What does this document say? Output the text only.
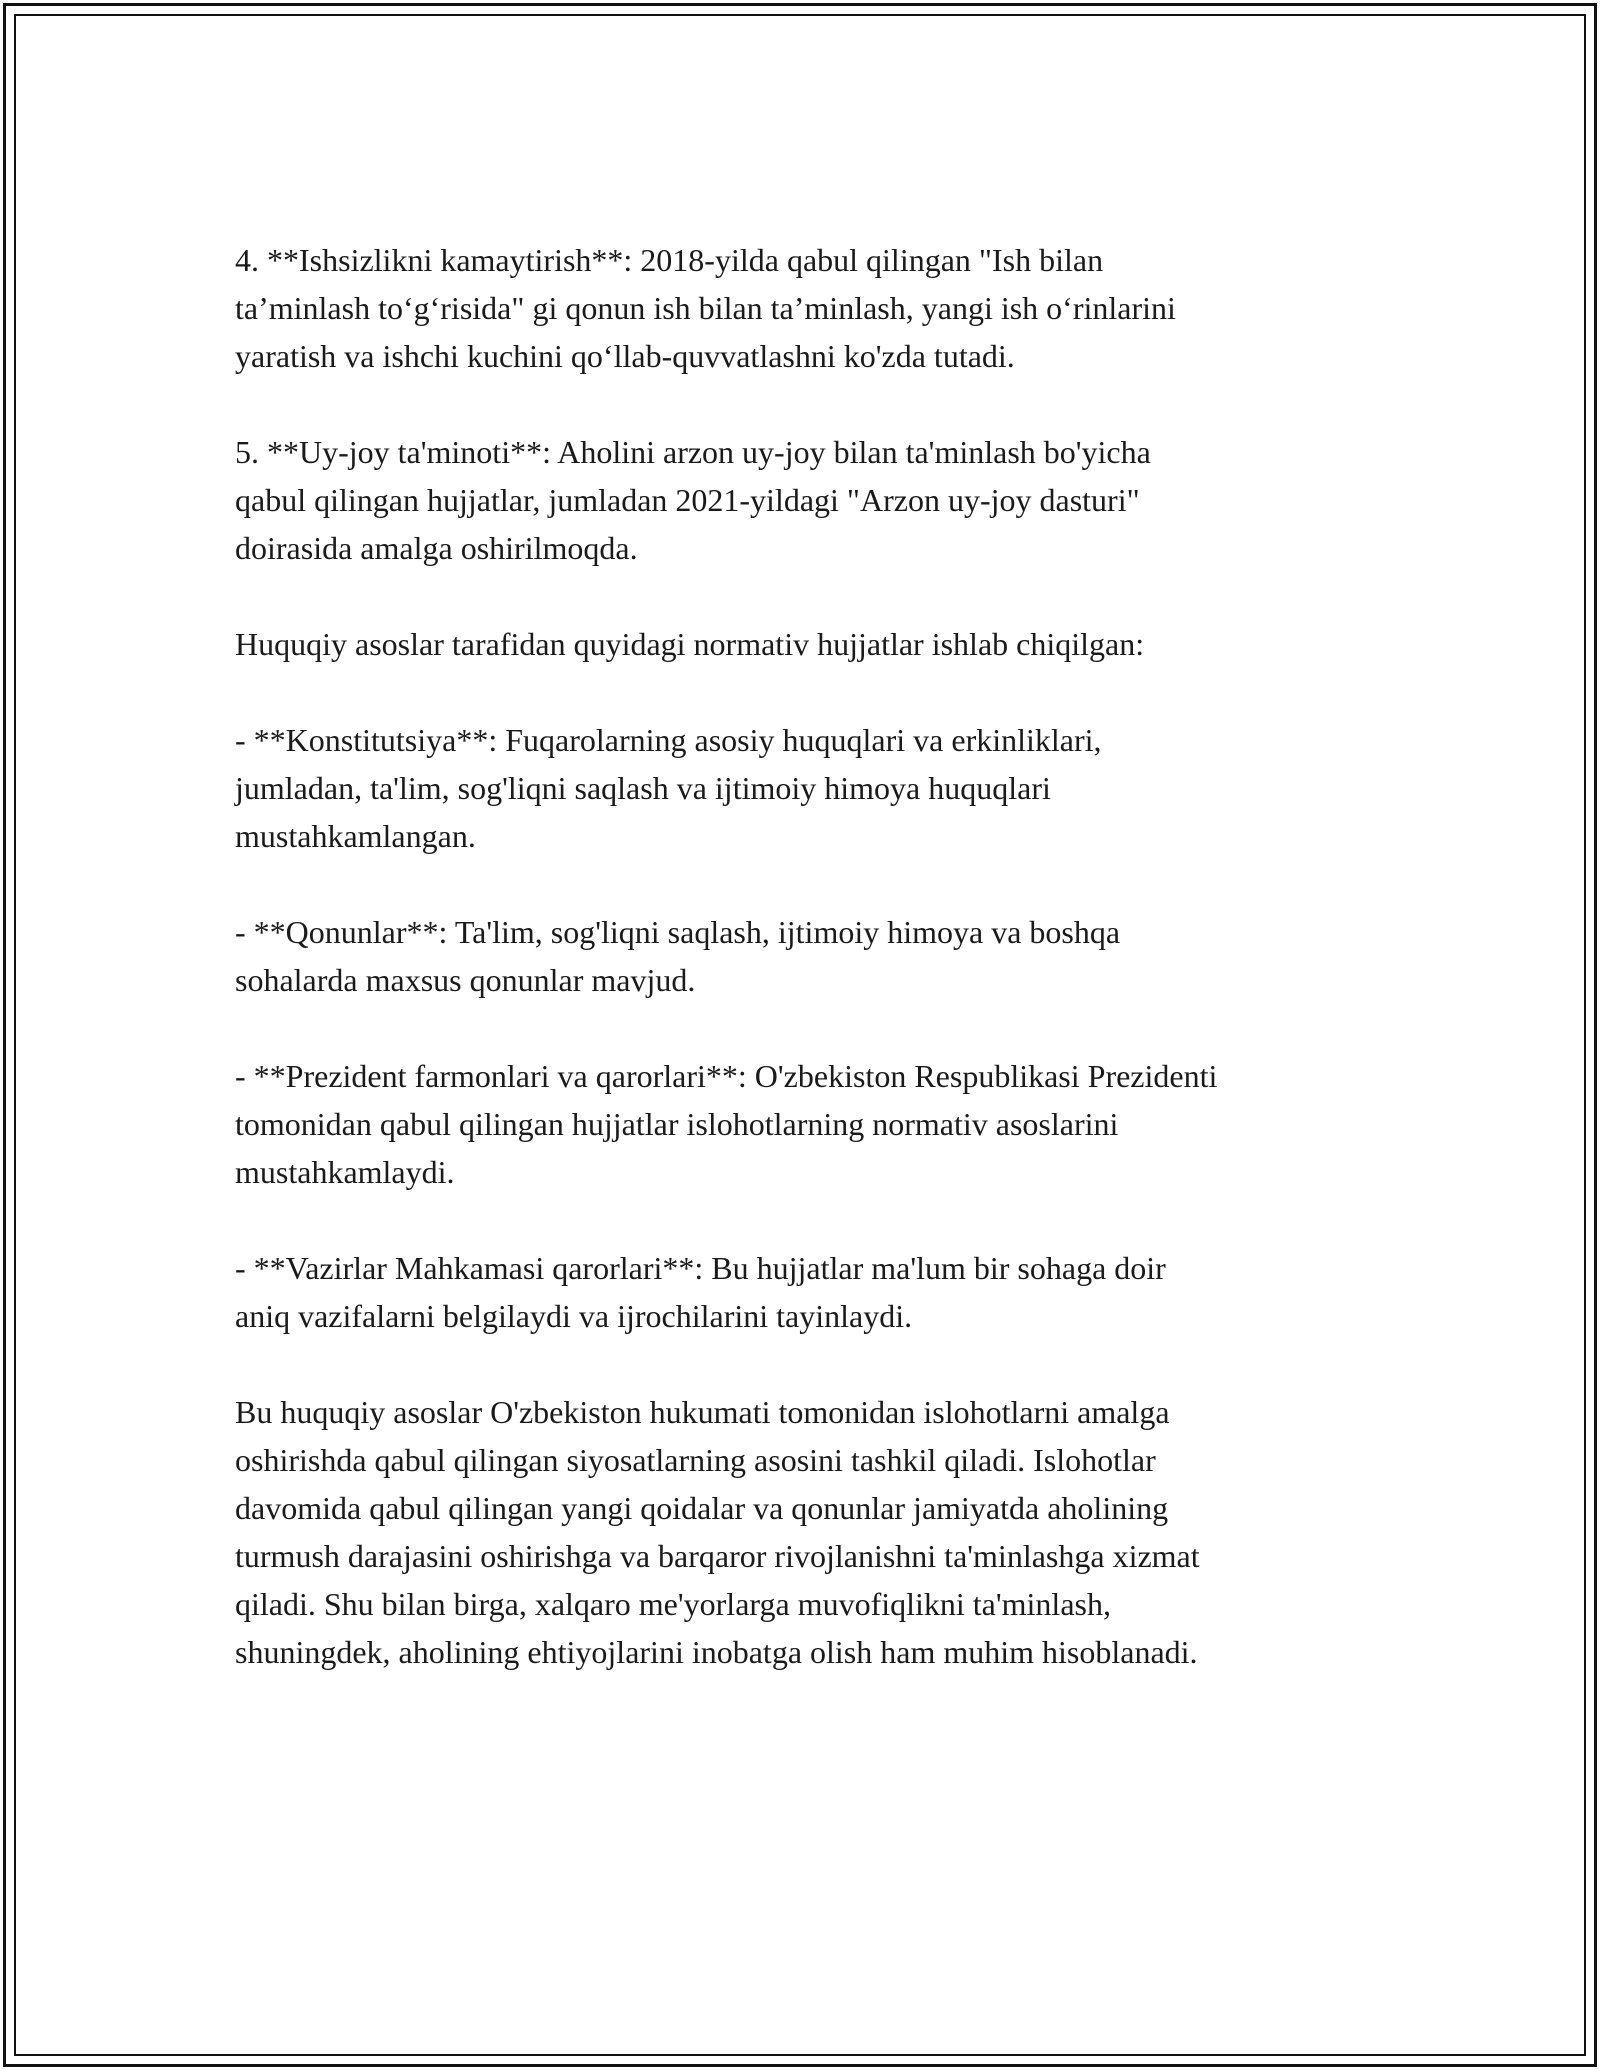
4. **Ishsizlikni kamaytirish**: 2018-yilda qabul qilingan "Ish bilan
ta’minlash to‘g‘risida" gi qonun ish bilan ta’minlash, yangi ish o‘rinlarini
yaratish va ishchi kuchini qo‘llab-quvvatlashni ko'zda tutadi.

5. **Uy-joy ta'minoti**: Aholini arzon uy-joy bilan ta'minlash bo'yicha
qabul qilingan hujjatlar, jumladan 2021-yildagi "Arzon uy-joy dasturi"
doirasida amalga oshirilmoqda.

Huquqiy asoslar tarafidan quyidagi normativ hujjatlar ishlab chiqilgan:

- **Konstitutsiya**: Fuqarolarning asosiy huquqlari va erkinliklari,
jumladan, ta'lim, sog'liqni saqlash va ijtimoiy himoya huquqlari
mustahkamlangan.

- **Qonunlar**: Ta'lim, sog'liqni saqlash, ijtimoiy himoya va boshqa
sohalarda maxsus qonunlar mavjud.

- **Prezident farmonlari va qarorlari**: O'zbekiston Respublikasi Prezidenti
tomonidan qabul qilingan hujjatlar islohotlarning normativ asoslarini
mustahkamlaydi.

- **Vazirlar Mahkamasi qarorlari**: Bu hujjatlar ma'lum bir sohaga doir
aniq vazifalarni belgilaydi va ijrochilarini tayinlaydi.

Bu huquqiy asoslar O'zbekiston hukumati tomonidan islohotlarni amalga
oshirishda qabul qilingan siyosatlarning asosini tashkil qiladi. Islohotlar
davomida qabul qilingan yangi qoidalar va qonunlar jamiyatda aholining
turmush darajasini oshirishga va barqaror rivojlanishni ta'minlashga xizmat
qiladi. Shu bilan birga, xalqaro me'yorlarga muvofiqlikni ta'minlash,
shuningdek, aholining ehtiyojlarini inobatga olish ham muhim hisoblanadi.
